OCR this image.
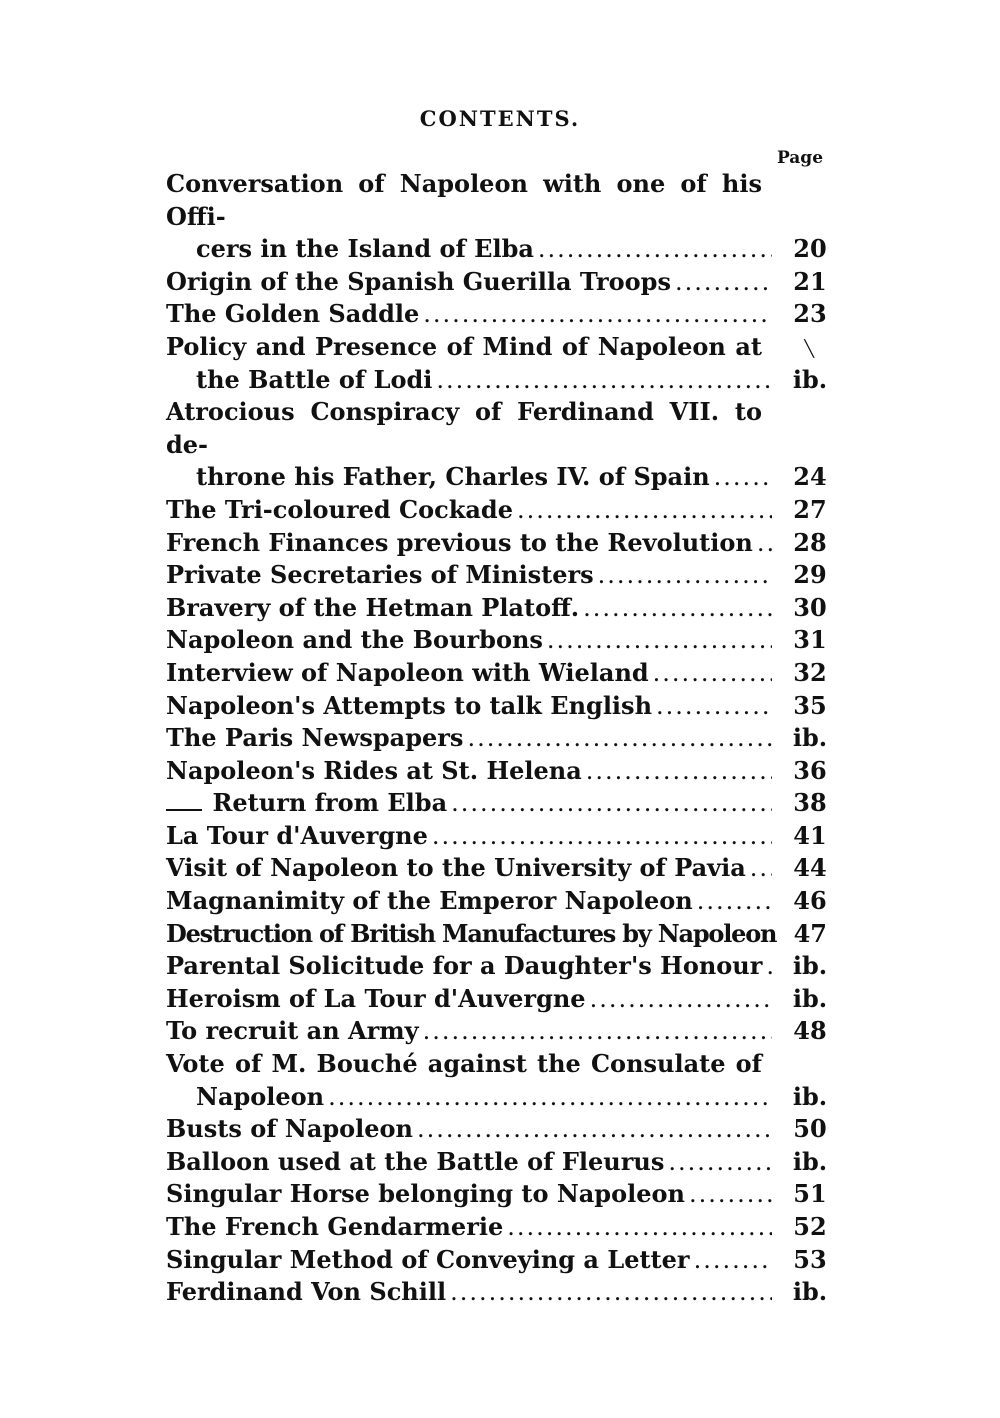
CONTENTS.
Page
Conversation of Napoleon with one of his Offi-
cers in the Island of Elba .....	20
Origin of the Spanish Guerilla Troops .....	21
The Golden Saddle .....	23
Policy and Presence of Mind of Napoleon at	╲
the Battle of Lodi .....	ib.
Atrocious Conspiracy of Ferdinand VII. to de-
throne his Father, Charles IV. of Spain .....	24
The Tri-coloured Cockade .....	27
French Finances previous to the Revolution .....	28
Private Secretaries of Ministers .....	29
Bravery of the Hetman Platoff. .....	30
Napoleon and the Bourbons .....	31
Interview of Napoleon with Wieland .....	32
Napoleon's Attempts to talk English .....	35
The Paris Newspapers .....	ib.
Napoleon's Rides at St. Helena .....	36
Return from Elba .....	38
La Tour d'Auvergne .....	41
Visit of Napoleon to the University of Pavia .....	44
Magnanimity of the Emperor Napoleon .....	46
Destruction of British Manufactures by Napoleon 47
Parental Solicitude for a Daughter's Honour .....	ib.
Heroism of La Tour d'Auvergne .....	ib.
To recruit an Army .....	48
Vote of M. Bouché against the Consulate of
Napoleon .....	ib.
Busts of Napoleon .....	50
Balloon used at the Battle of Fleurus .....	ib.
Singular Horse belonging to Napoleon .....	51
The French Gendarmerie .....	52
Singular Method of Conveying a Letter .....	53
Ferdinand Von Schill .....	ib.
